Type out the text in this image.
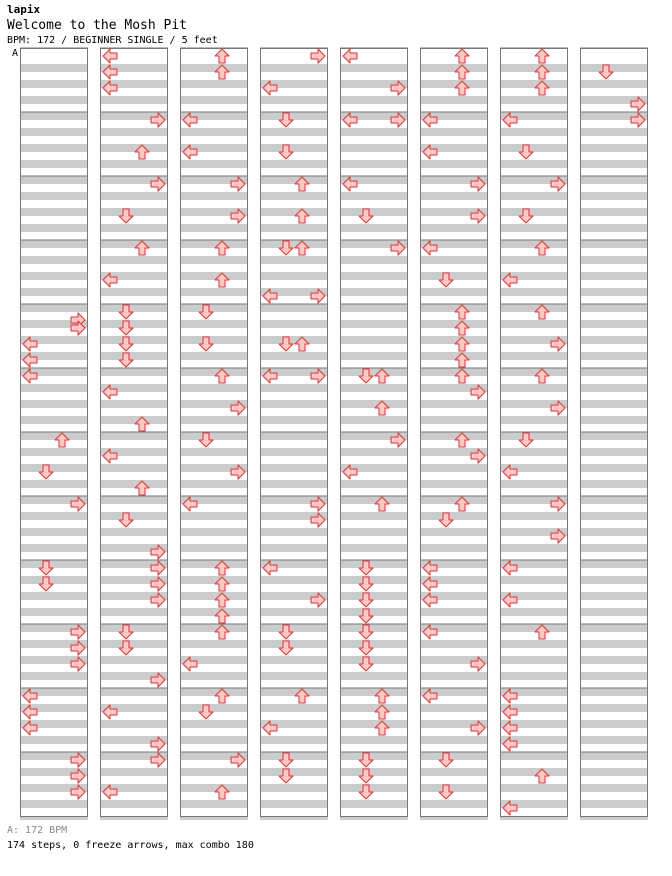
lapix
Welcome to the Mosh Pit
BPM: 172 / BEGINNER SINGLE / 5 feet
A
A: 172 BPM
174 steps, 0 freeze arrows, max combo 180
